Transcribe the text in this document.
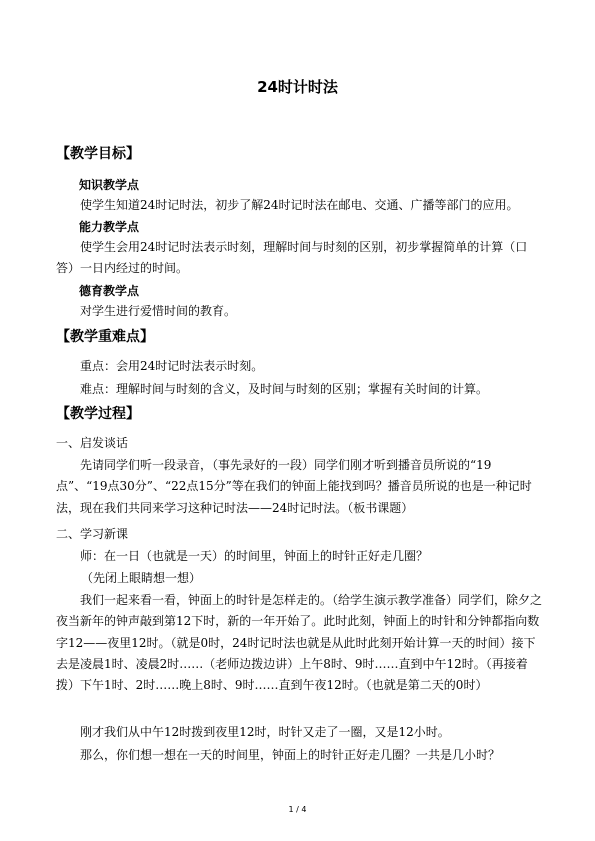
24时计时法
【教学目标】
知识教学点
使学生知道24时记时法，初步了解24时记时法在邮电、交通、广播等部门的应用。
能力教学点
使学生会用24时记时法表示时刻，理解时间与时刻的区别，初步掌握简单的计算（口答）一日内经过的时间。
德育教学点
对学生进行爱惜时间的教育。
【教学重难点】
重点：会用24时记时法表示时刻。
难点：理解时间与时刻的含义，及时间与时刻的区别；掌握有关时间的计算。
【教学过程】
一、启发谈话
先请同学们听一段录音，（事先录好的一段）同学们刚才听到播音员所说的“19点”、“19点30分”、“22点15分”等在我们的钟面上能找到吗？播音员所说的也是一种记时法，现在我们共同来学习这种记时法——24时记时法。（板书课题）
二、学习新课
师：在一日（也就是一天）的时间里，钟面上的时针正好走几圈？
（先闭上眼睛想一想）
我们一起来看一看，钟面上的时针是怎样走的。（给学生演示教学准备）同学们，除夕之夜当新年的钟声敲到第12下时，新的一年开始了。此时此刻，钟面上的时针和分钟都指向数字12——夜里12时。（就是0时，24时记时法也就是从此时此刻开始计算一天的时间）接下去是凌晨1时、凌晨2时……（老师边拨边讲）上午8时、9时……直到中午12时。（再接着拨）下午1时、2时……晚上8时、9时……直到午夜12时。（也就是第二天的0时）
刚才我们从中午12时拨到夜里12时，时针又走了一圈，又是12小时。
那么，你们想一想在一天的时间里，钟面上的时针正好走几圈？一共是几小时？
1 / 4
